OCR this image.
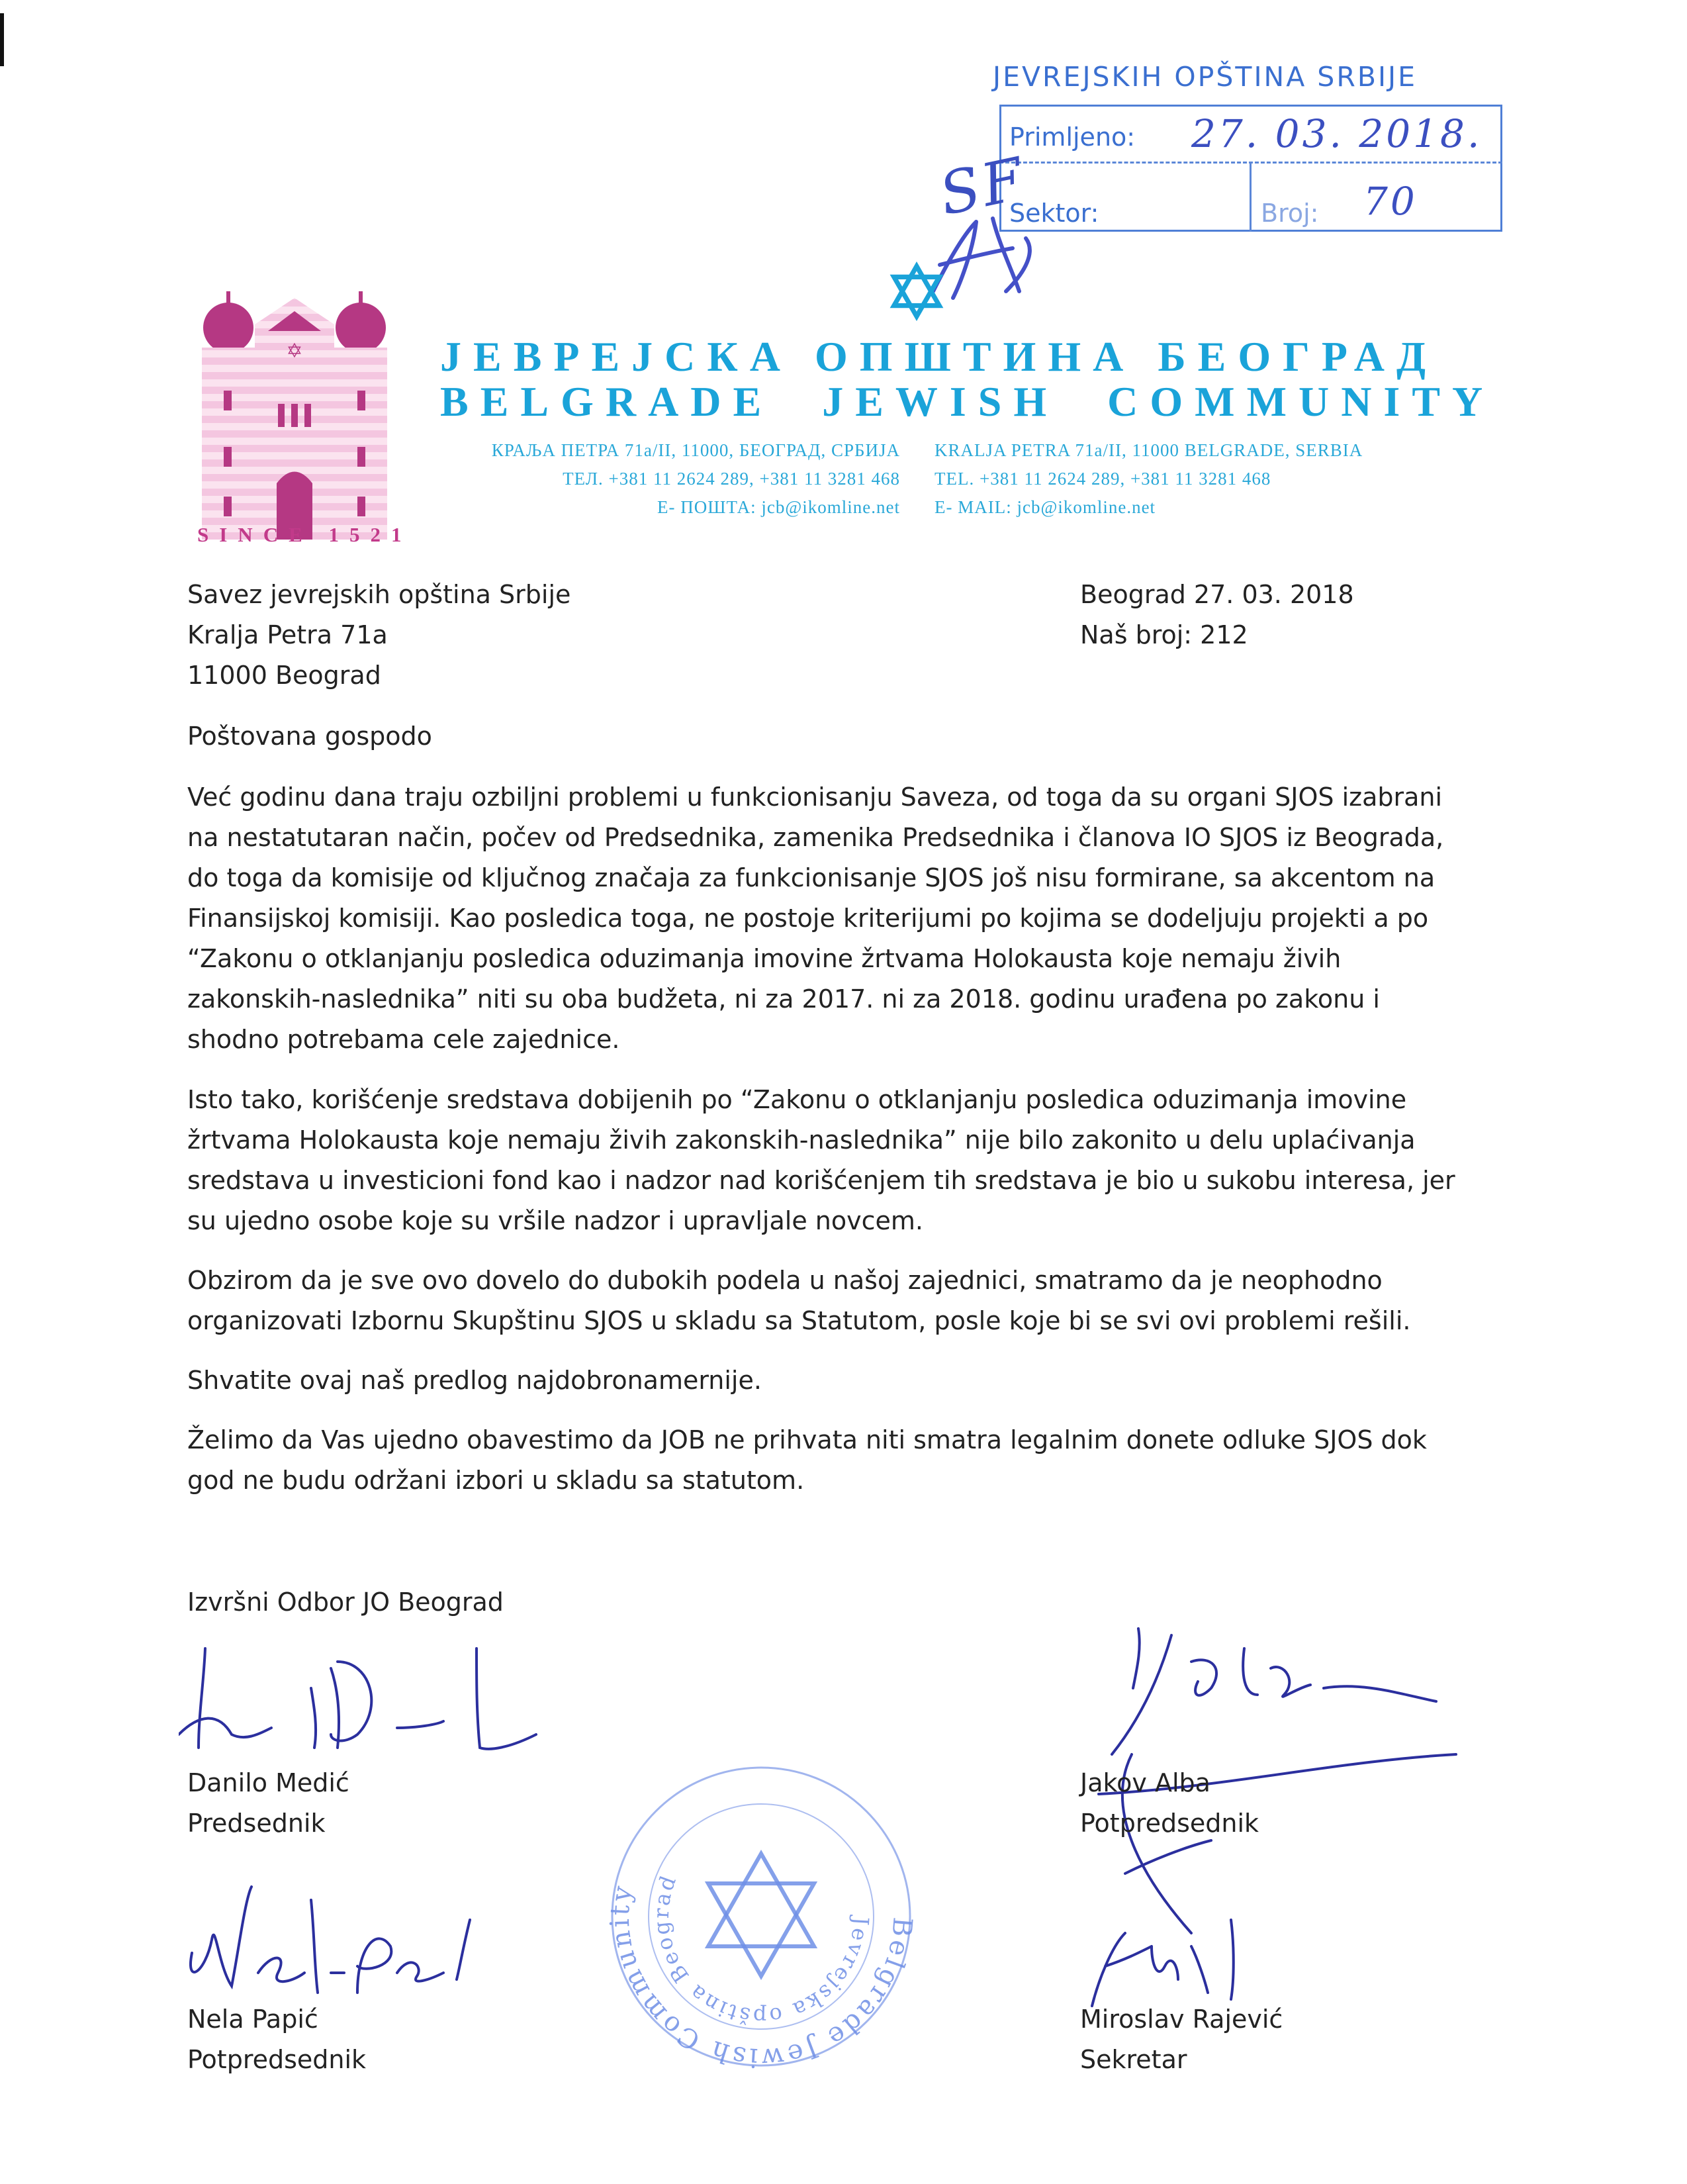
JEVREJSKIH OPŠTINA SRBIJE
Primljeno: 27. 03. 2018.
Sektor:	Broj: 70
SF
✡
SINCE 1521
ЈЕВРЕЈСКА ОПШТИНА БЕОГРАД
BELGRADE JEWISH COMMUNITY
КРАЉА ПЕТРА 71а/II, 11000, БЕОГРАД, СРБИЈА
ТЕЛ. +381 11 2624 289, +381 11 3281 468
Е- ПОШТА: jcb@ikomline.net
KRALJA PETRA 71a/II, 11000 BELGRADE, SERBIA
TEL. +381 11 2624 289, +381 11 3281 468
E- MAIL: jcb@ikomline.net
Savez jevrejskih opština Srbije
Kralja Petra 71a
11000 Beograd
Beograd 27. 03. 2018
Naš broj: 212
Poštovana gospodo
Već godinu dana traju ozbiljni problemi u funkcionisanju Saveza, od toga da su organi SJOS izabrani
na nestatutaran način, počev od Predsednika, zamenika Predsednika i članova IO SJOS iz Beograda,
do toga da komisije od ključnog značaja za funkcionisanje SJOS još nisu formirane, sa akcentom na
Finansijskoj komisiji. Kao posledica toga, ne postoje kriterijumi po kojima se dodeljuju projekti a po
“Zakonu o otklanjanju posledica oduzimanja imovine žrtvama Holokausta koje nemaju živih
zakonskih-naslednika” niti su oba budžeta, ni za 2017. ni za 2018. godinu urađena po zakonu i
shodno potrebama cele zajednice.
Isto tako, korišćenje sredstava dobijenih po “Zakonu o otklanjanju posledica oduzimanja imovine
žrtvama Holokausta koje nemaju živih zakonskih-naslednika” nije bilo zakonito u delu uplaćivanja
sredstava u investicioni fond kao i nadzor nad korišćenjem tih sredstava je bio u sukobu interesa, jer
su ujedno osobe koje su vršile nadzor i upravljale novcem.
Obzirom da je sve ovo dovelo do dubokih podela u našoj zajednici, smatramo da je neophodno
organizovati Izbornu Skupštinu SJOS u skladu sa Statutom, posle koje bi se svi ovi problemi rešili.
Shvatite ovaj naš predlog najdobronamernije.
Želimo da Vas ujedno obavestimo da JOB ne prihvata niti smatra legalnim donete odluke SJOS dok
god ne budu održani izbori u skladu sa statutom.
Izvršni Odbor JO Beograd
Danilo Medić
Predsednik
Jakov Alba
Potpredsednik
Nela Papić
Potpredsednik
Miroslav Rajević
Sekretar
Belgrade Jewish Community
Jevrejska opština Beograd
